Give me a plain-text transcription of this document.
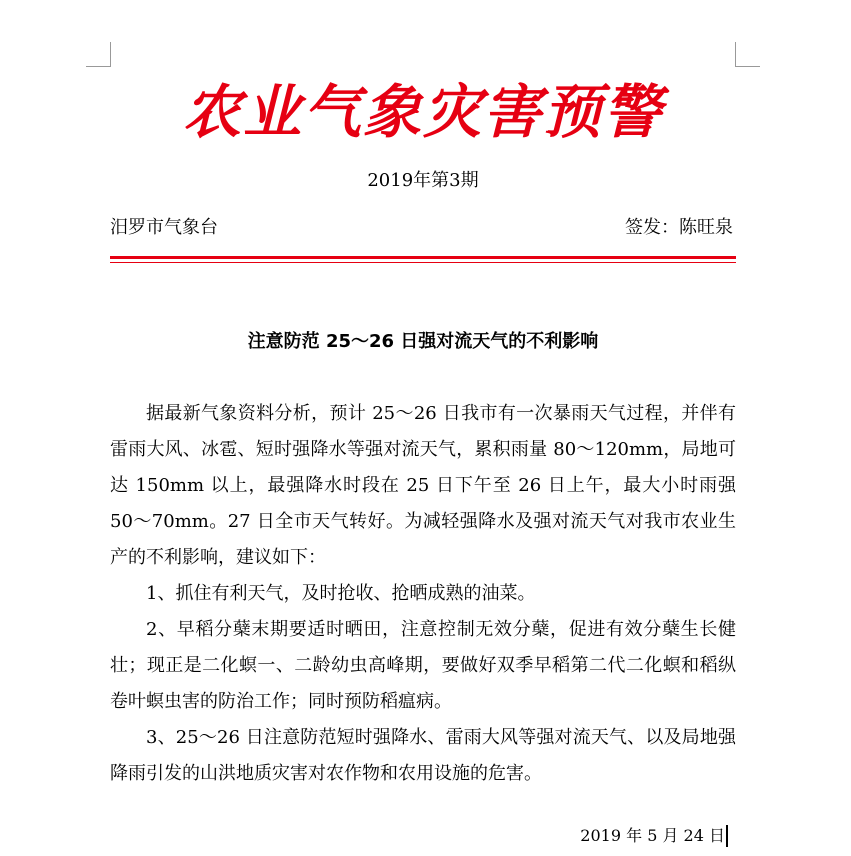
农业气象灾害预警
2019年第3期
汨罗市气象台	签发：陈旺泉
注意防范 25～26 日强对流天气的不利影响

据最新气象资料分析，预计 25～26 日我市有一次暴雨天气过程，并伴有雷雨大风、冰雹、短时强降水等强对流天气，累积雨量 80～120mm，局地可达 150mm 以上，最强降水时段在 25 日下午至 26 日上午，最大小时雨强 50～70mm。27 日全市天气转好。为减轻强降水及强对流天气对我市农业生产的不利影响，建议如下：

1、抓住有利天气，及时抢收、抢晒成熟的油菜。

2、早稻分蘖末期要适时晒田，注意控制无效分蘖，促进有效分蘖生长健壮；现正是二化螟一、二龄幼虫高峰期，要做好双季早稻第二代二化螟和稻纵卷叶螟虫害的防治工作；同时预防稻瘟病。

3、25～26 日注意防范短时强降水、雷雨大风等强对流天气、以及局地强降雨引发的山洪地质灾害对农作物和农用设施的危害。

2019 年 5 月 24 日
